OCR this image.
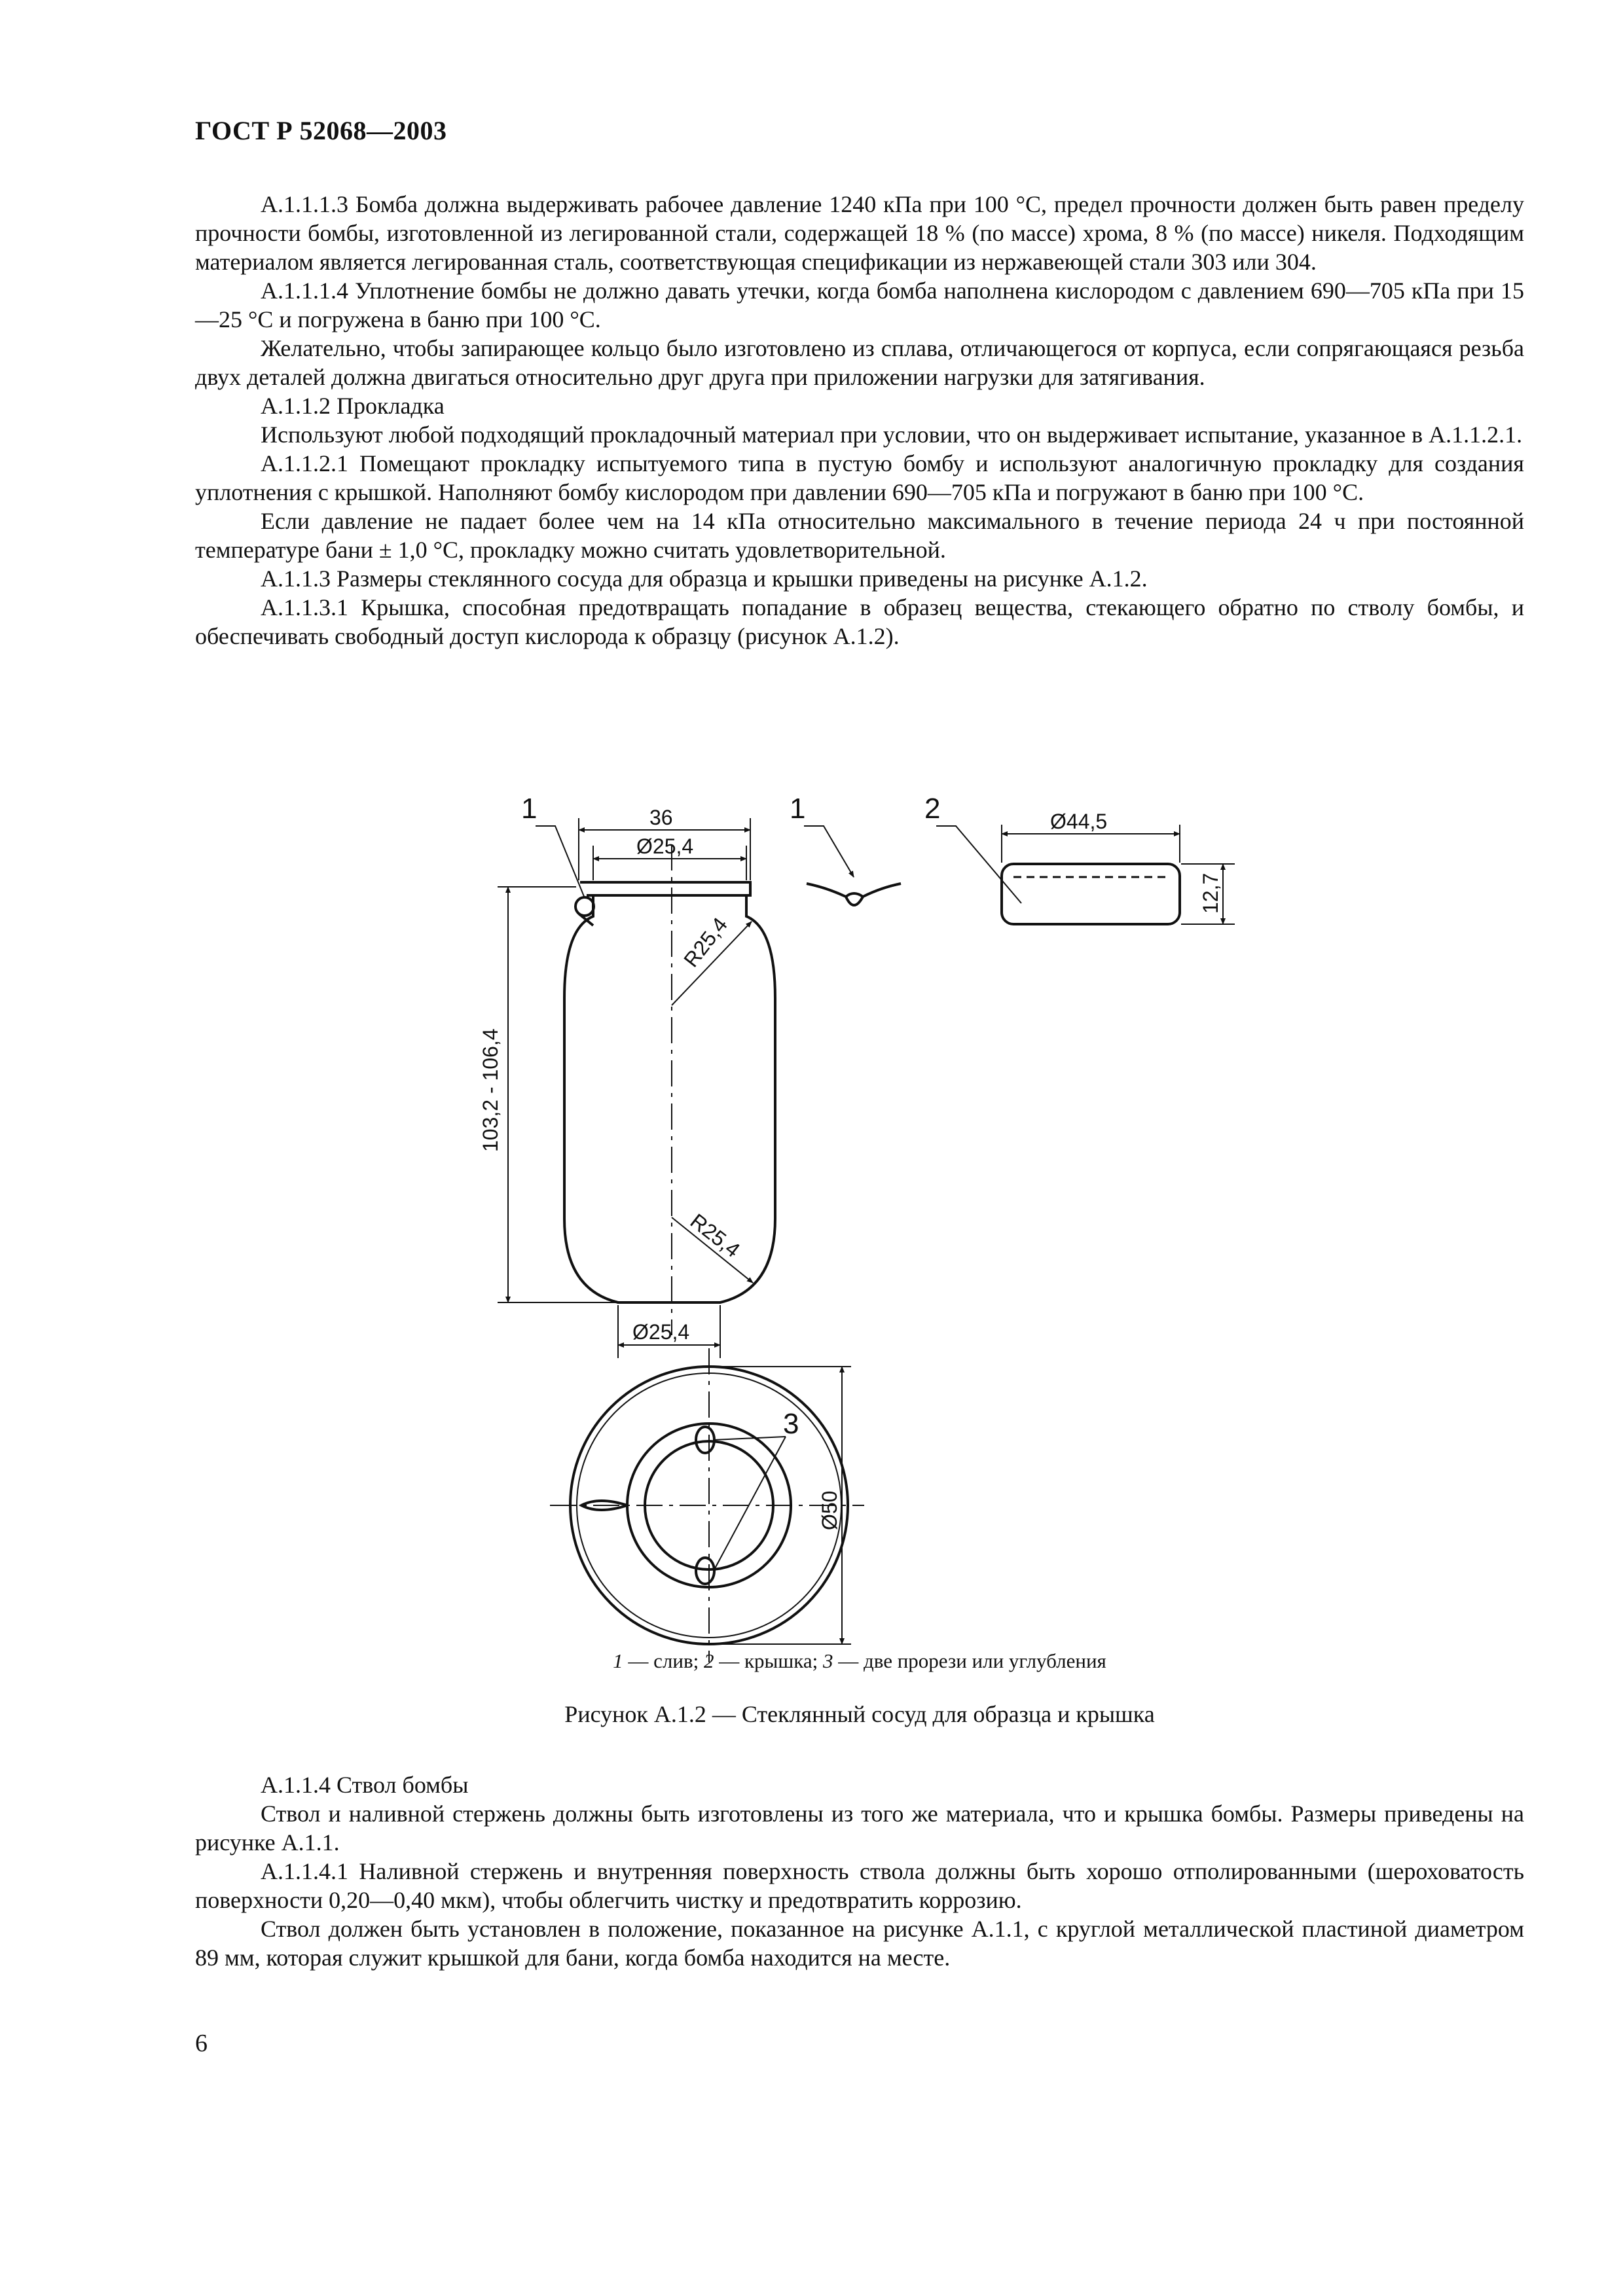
ГОСТ Р 52068—2003

А.1.1.1.3 Бомба должна выдерживать рабочее давление 1240 кПа при 100 °С, предел прочности должен быть равен пределу прочности бомбы, изготовленной из легированной стали, содержащей 18 % (по массе) хрома, 8 % (по массе) никеля. Подходящим материалом является легированная сталь, соответствующая спецификации из нержавеющей стали 303 или 304.

А.1.1.1.4 Уплотнение бомбы не должно давать утечки, когда бомба наполнена кислородом с давлением 690—705 кПа при 15—25 °С и погружена в баню при 100 °С.

Желательно, чтобы запирающее кольцо было изготовлено из сплава, отличающегося от корпуса, если сопрягающаяся резьба двух деталей должна двигаться относительно друг друга при приложении нагрузки для затягивания.

А.1.1.2 Прокладка

Используют любой подходящий прокладочный материал при условии, что он выдерживает испытание, указанное в А.1.1.2.1.

А.1.1.2.1 Помещают прокладку испытуемого типа в пустую бомбу и используют аналогичную прокладку для создания уплотнения с крышкой. Наполняют бомбу кислородом при давлении 690—705 кПа и погружают в баню при 100 °С.

Если давление не падает более чем на 14 кПа относительно максимального в течение периода 24 ч при постоянной температуре бани ± 1,0 °С, прокладку можно считать удовлетворительной.

А.1.1.3 Размеры стеклянного сосуда для образца и крышки приведены на рисунке А.1.2.

А.1.1.3.1 Крышка, способная предотвращать попадание в образец вещества, стекающего обратно по стволу бомбы, и обеспечивать свободный доступ кислорода к образцу (рисунок А.1.2).

1	1	2
3
36
Ø25,4
R25,4
103,2 - 106,4
R25,4
Ø25,4
Ø44,5
12,7
Ø50
1 — слив; 2 — крышка; 3 — две прорези или углубления
Рисунок А.1.2 — Стеклянный сосуд для образца и крышка

А.1.1.4 Ствол бомбы

Ствол и наливной стержень должны быть изготовлены из того же материала, что и крышка бомбы. Размеры приведены на рисунке А.1.1.

А.1.1.4.1 Наливной стержень и внутренняя поверхность ствола должны быть хорошо отполированными (шероховатость поверхности 0,20—0,40 мкм), чтобы облегчить чистку и предотвратить коррозию.

Ствол должен быть установлен в положение, показанное на рисунке А.1.1, с круглой металлической пластиной диаметром 89 мм, которая служит крышкой для бани, когда бомба находится на месте.

6
